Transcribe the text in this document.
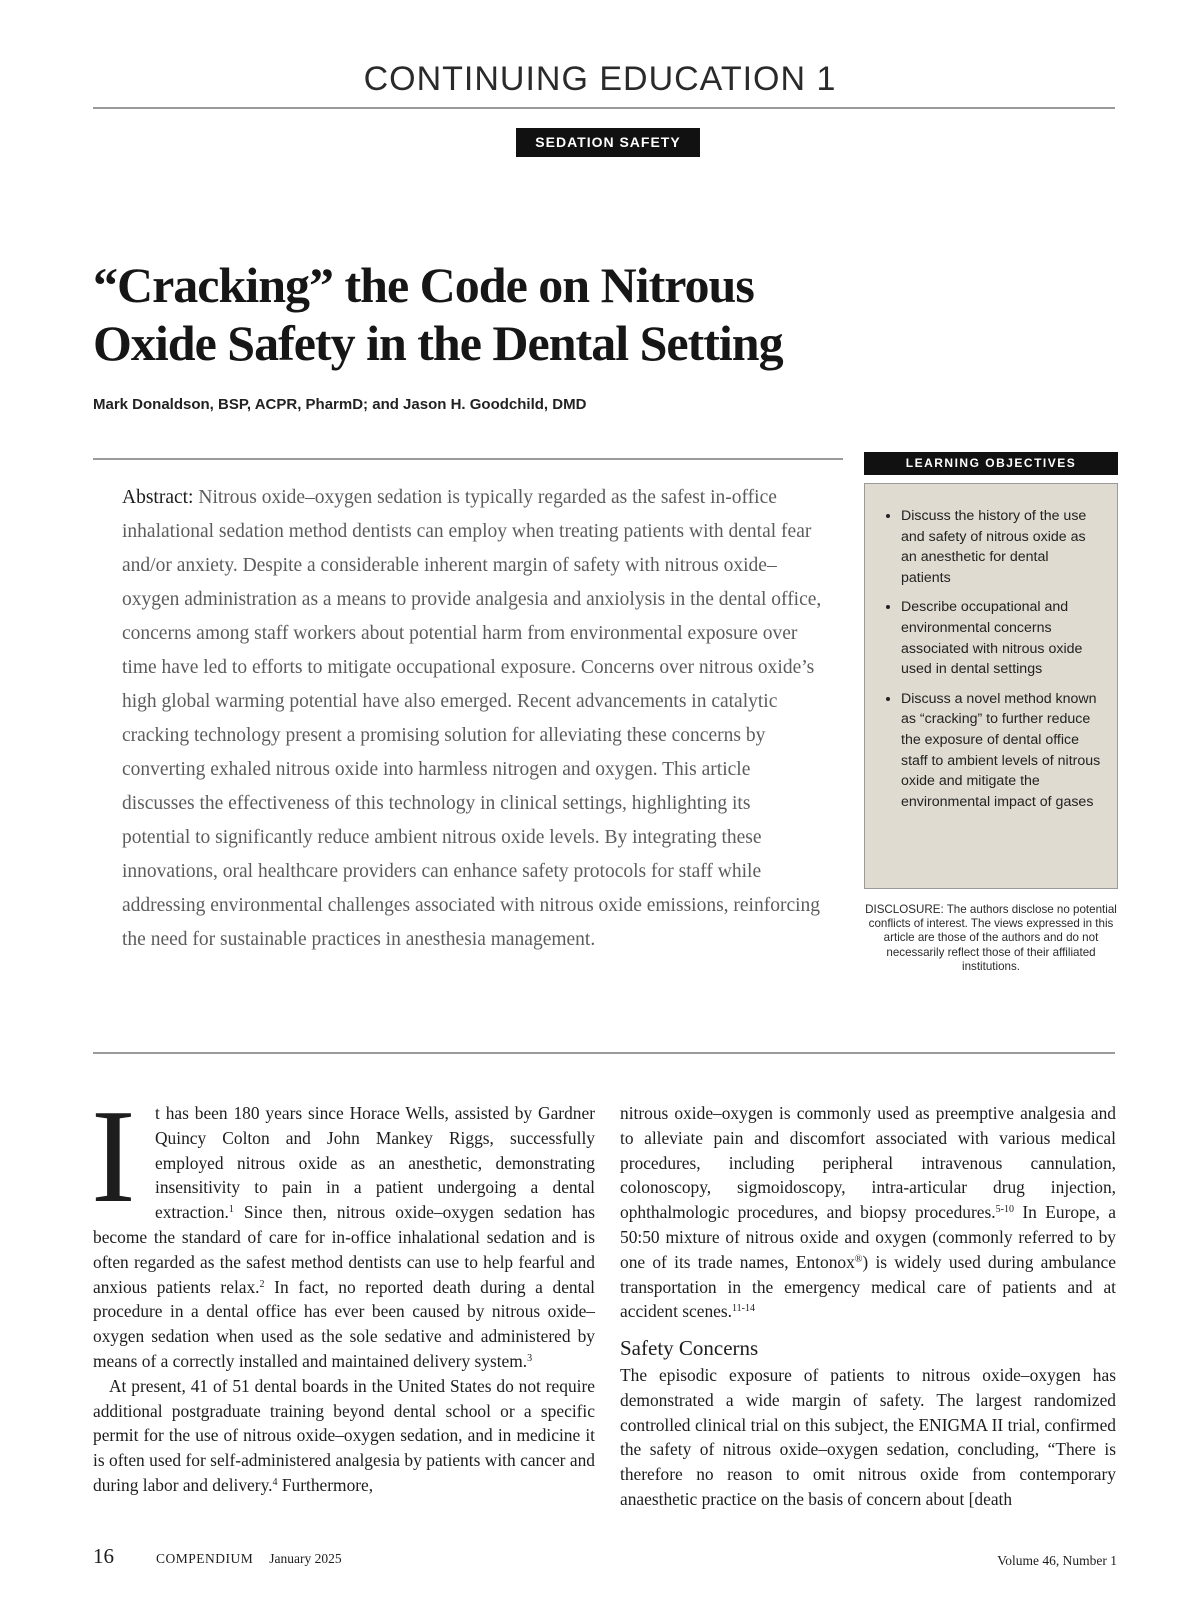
CONTINUING EDUCATION 1
SEDATION SAFETY
“Cracking” the Code on Nitrous
Oxide Safety in the Dental Setting
Mark Donaldson, BSP, ACPR, PharmD; and Jason H. Goodchild, DMD
Abstract: Nitrous oxide–oxygen sedation is typically regarded as the safest in-office inhalational sedation method dentists can employ when treating patients with dental fear and/or anxiety. Despite a considerable inherent margin of safety with nitrous oxide–oxygen administration as a means to provide analgesia and anxiolysis in the dental office, concerns among staff workers about potential harm from environmental exposure over time have led to efforts to mitigate occupational exposure. Concerns over nitrous oxide’s high global warming potential have also emerged. Recent advancements in catalytic cracking technology present a promising solution for alleviating these concerns by converting exhaled nitrous oxide into harmless nitrogen and oxygen. This article discusses the effectiveness of this technology in clinical settings, highlighting its potential to significantly reduce ambient nitrous oxide levels. By integrating these innovations, oral healthcare providers can enhance safety protocols for staff while addressing environmental challenges associated with nitrous oxide emissions, reinforcing the need for sustainable practices in anesthesia management.
LEARNING OBJECTIVES
• Discuss the history of the use and safety of nitrous oxide as an anesthetic for dental patients
• Describe occupational and environmental concerns associated with nitrous oxide used in dental settings
• Discuss a novel method known as “cracking” to further reduce the exposure of dental office staff to ambient levels of nitrous oxide and mitigate the environmental impact of gases
DISCLOSURE: The authors disclose no potential conflicts of interest. The views expressed in this article are those of the authors and do not necessarily reflect those of their affiliated institutions.

I	t has been 180 years since Horace Wells, assisted by Gardner Quincy Colton and John Mankey Riggs, successfully employed nitrous oxide as an anesthetic, demonstrating insensitivity to pain in a patient undergoing a dental extraction.$^1$ Since then, nitrous oxide–oxygen sedation has become the standard of care for in-office inhalational sedation and is often regarded as the safest method dentists can use to help fearful and anxious patients relax.$^2$ In fact, no reported death during a dental procedure in a dental office has ever been caused by nitrous oxide–oxygen sedation when used as the sole sedative and administered by means of a correctly installed and maintained delivery system.$^3$

At present, 41 of 51 dental boards in the United States do not require additional postgraduate training beyond dental school or a specific permit for the use of nitrous oxide–oxygen sedation, and in medicine it is often used for self-administered analgesia by patients with cancer and during labor and delivery.$^4$ Furthermore,

nitrous oxide–oxygen is commonly used as preemptive analgesia and to alleviate pain and discomfort associated with various medical procedures, including peripheral intravenous cannulation, colonoscopy, sigmoidoscopy, intra-articular drug injection, ophthalmologic procedures, and biopsy procedures.$^{5-10}$ In Europe, a 50:50 mixture of nitrous oxide and oxygen (commonly referred to by one of its trade names, Entonox®) is widely used during ambulance transportation in the emergency medical care of patients and at accident scenes.$^{11-14}$

Safety Concerns

The episodic exposure of patients to nitrous oxide–oxygen has demonstrated a wide margin of safety. The largest randomized controlled clinical trial on this subject, the ENIGMA II trial, confirmed the safety of nitrous oxide–oxygen sedation, concluding, “There is therefore no reason to omit nitrous oxide from contemporary anaesthetic practice on the basis of concern about [death

16	COMPENDIUM January 2025	Volume 46, Number 1
